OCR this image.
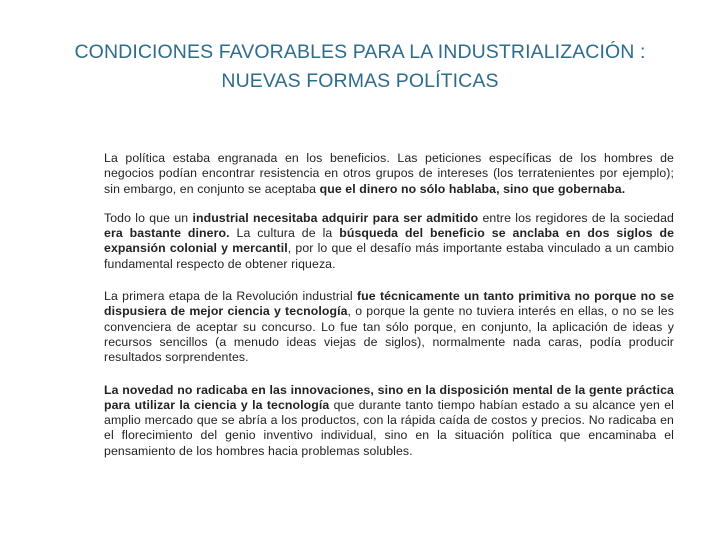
CONDICIONES FAVORABLES PARA LA INDUSTRIALIZACIÓN :
NUEVAS FORMAS POLÍTICAS

La política estaba engranada en los beneficios. Las peticiones específicas de los hombres de negocios podían encontrar resistencia en otros grupos de intereses (los terratenientes por ejemplo); sin embargo, en conjunto se aceptaba que el dinero no sólo hablaba, sino que gobernaba.

Todo lo que un industrial necesitaba adquirir para ser admitido entre los regidores de la sociedad era bastante dinero. La cultura de la búsqueda del beneficio se anclaba en dos siglos de expansión colonial y mercantil, por lo que el desafío más importante estaba vinculado a un cambio fundamental respecto de obtener riqueza.

La primera etapa de la Revolución industrial fue técnicamente un tanto primitiva no porque no se dispusiera de mejor ciencia y tecnología, o porque la gente no tuviera interés en ellas, o no se les convenciera de aceptar su concurso. Lo fue tan sólo porque, en conjunto, la aplicación de ideas y recursos sencillos (a menudo ideas viejas de siglos), normalmente nada caras, podía producir resultados sorprendentes.

La novedad no radicaba en las innovaciones, sino en la disposición mental de la gente práctica para utilizar la ciencia y la tecnología que durante tanto tiempo habían estado a su alcance yen el amplio mercado que se abría a los productos, con la rápida caída de costos y precios. No radicaba en el florecimiento del genio inventivo individual, sino en la situación política que encaminaba el pensamiento de los hombres hacia problemas solubles.
